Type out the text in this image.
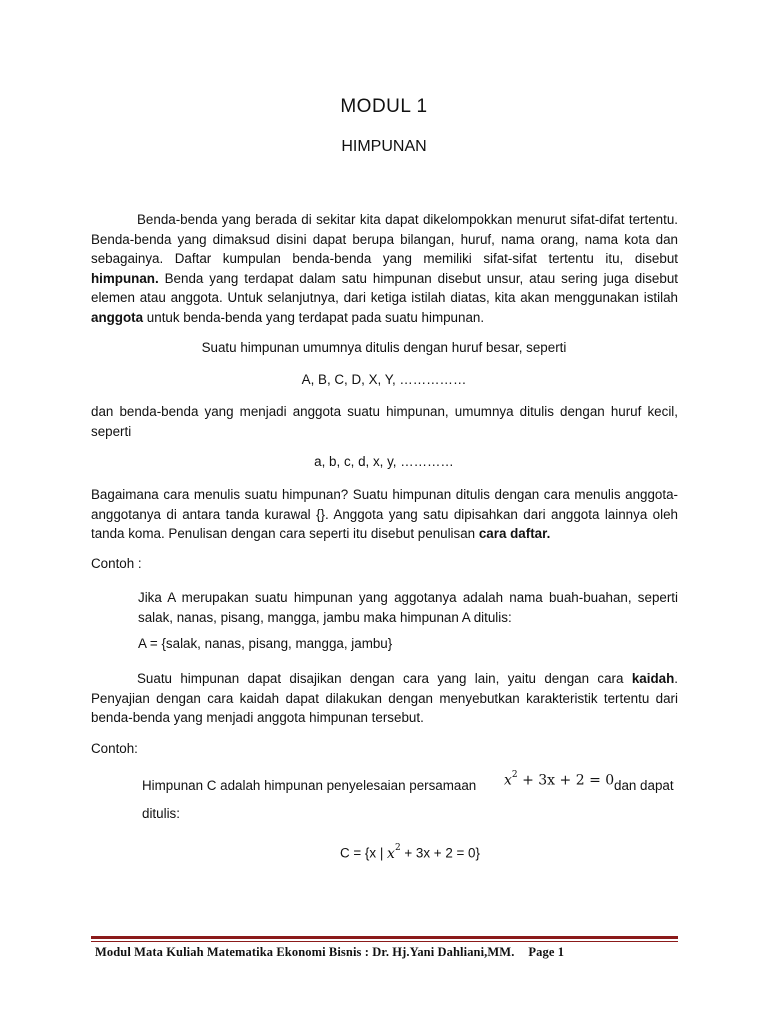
MODUL 1
HIMPUNAN
Benda-benda yang berada di sekitar kita dapat dikelompokkan menurut sifat-difat tertentu. Benda-benda yang dimaksud disini dapat berupa bilangan, huruf, nama orang, nama kota dan sebagainya. Daftar kumpulan benda-benda yang memiliki sifat-sifat tertentu itu, disebut himpunan. Benda yang terdapat dalam satu himpunan disebut unsur, atau sering juga disebut elemen atau anggota. Untuk selanjutnya, dari ketiga istilah diatas, kita akan menggunakan istilah anggota untuk benda-benda yang terdapat pada suatu himpunan.
Suatu himpunan umumnya ditulis dengan huruf besar, seperti
A, B, C, D, X, Y, ……………
dan benda-benda yang menjadi anggota suatu himpunan, umumnya ditulis dengan huruf kecil, seperti
a, b, c, d, x, y, …………
Bagaimana cara menulis suatu himpunan? Suatu himpunan ditulis dengan cara menulis anggota-anggotanya di antara tanda kurawal {}. Anggota yang satu dipisahkan dari anggota lainnya oleh tanda koma. Penulisan dengan cara seperti itu disebut penulisan cara daftar.
Contoh :
Jika A merupakan suatu himpunan yang aggotanya adalah nama buah-buahan, seperti salak, nanas, pisang, mangga, jambu maka himpunan A ditulis:
A = {salak, nanas, pisang, mangga, jambu}
Suatu himpunan dapat disajikan dengan cara yang lain, yaitu dengan cara kaidah. Penyajian dengan cara kaidah dapat dilakukan dengan menyebutkan karakteristik tertentu dari benda-benda yang menjadi anggota himpunan tersebut.
Contoh:
Himpunan C adalah himpunan penyelesaian persamaan $x^2 + 3x + 2 = 0$ dan dapat
ditulis:
C = {x | $x^2 + 3x + 2 = 0$}
Modul Mata Kuliah Matematika Ekonomi Bisnis : Dr. Hj.Yani Dahliani,MM. Page 1
